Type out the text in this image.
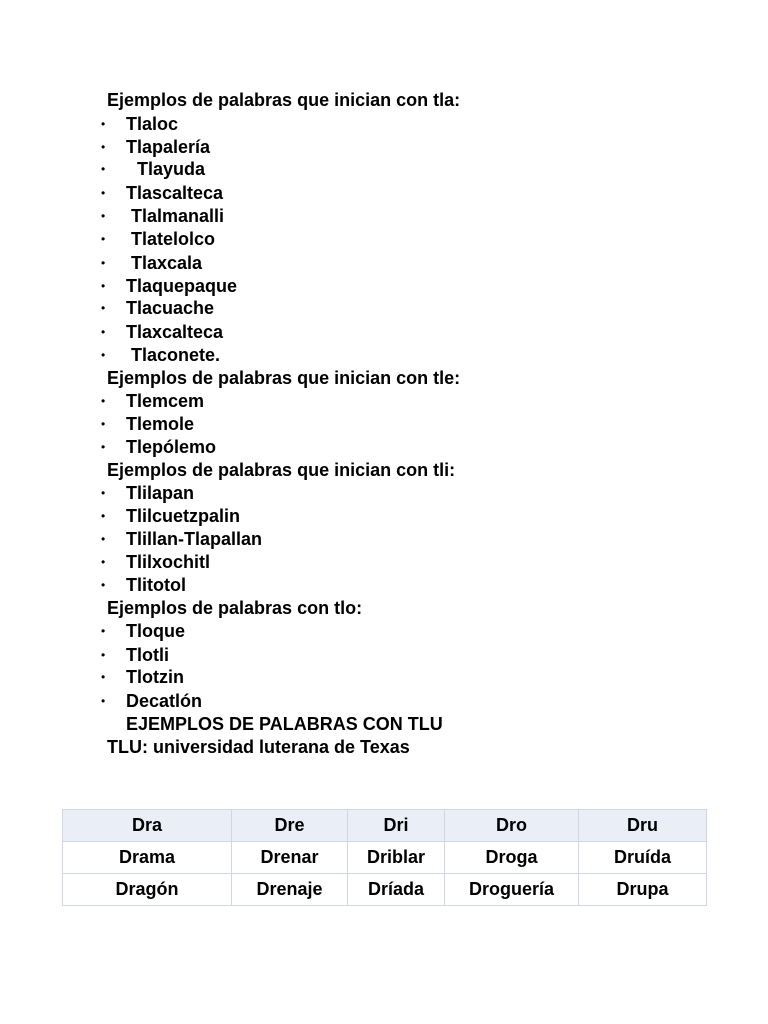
Ejemplos de palabras que inician con tla:
• Tlaloc
• Tlapalería
• Tlayuda
• Tlascalteca
• Tlalmanalli
• Tlatelolco
• Tlaxcala
• Tlaquepaque
• Tlacuache
• Tlaxcalteca
• Tlaconete.
Ejemplos de palabras que inician con tle:
• Tlemcem
• Tlemole
• Tlepólemo
Ejemplos de palabras que inician con tli:
• Tlilapan
• Tlilcuetzpalin
• Tlillan-Tlapallan
• Tlilxochitl
• Tlitotol
Ejemplos de palabras con tlo:
• Tloque
• Tlotli
• Tlotzin
• Decatlón
EJEMPLOS DE PALABRAS CON TLU
TLU: universidad luterana de Texas
Dra	Dre	Dri	Dro	Dru
Drama	Drenar	Driblar	Droga	Druída
Dragón	Drenaje	Dríada	Droguería	Drupa
